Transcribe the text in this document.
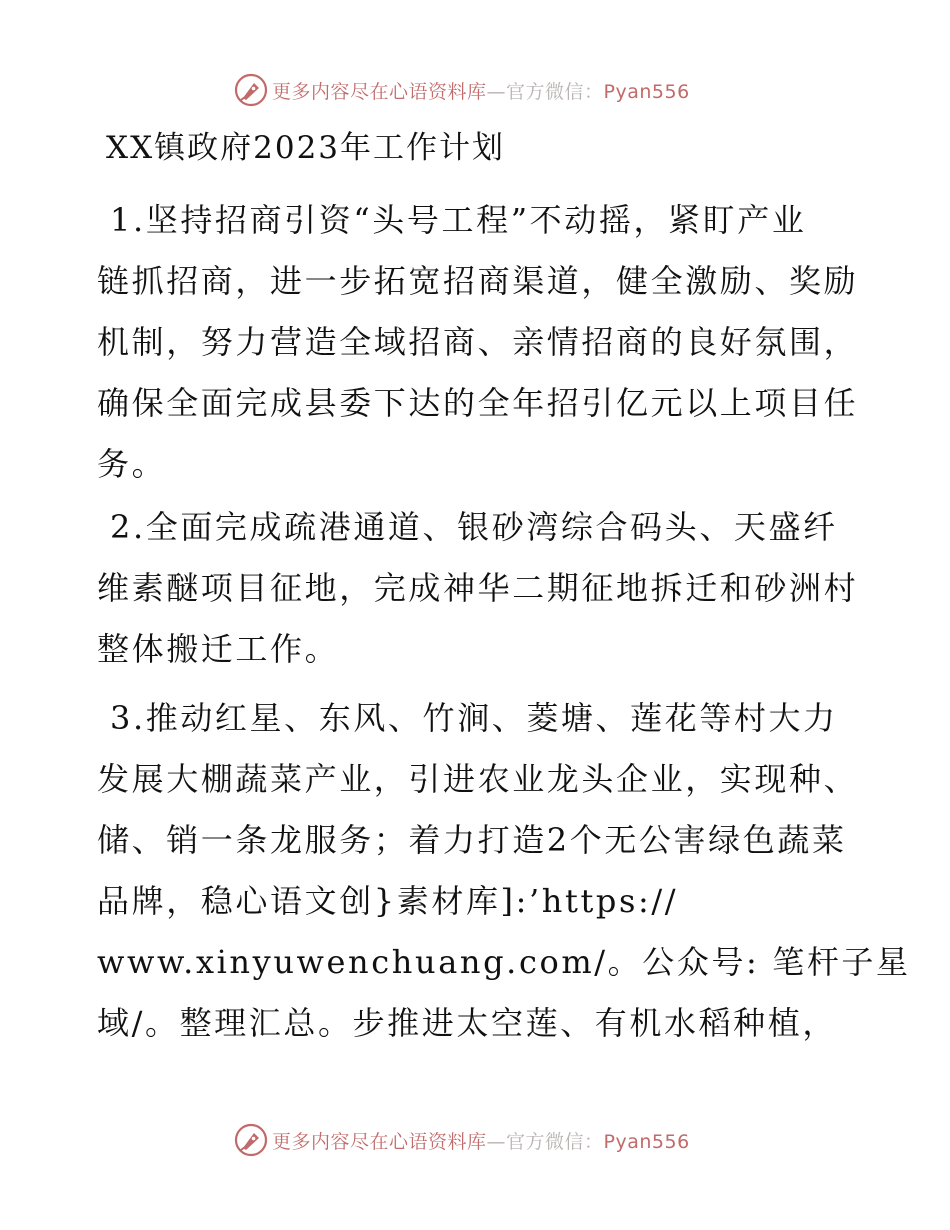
更多内容尽在心语资料库—官方微信：Pyan556
XX镇政府2023年工作计划
1.坚持招商引资“头号工程”不动摇，紧盯产业
链抓招商，进一步拓宽招商渠道，健全激励、奖励
机制，努力营造全域招商、亲情招商的良好氛围，
确保全面完成县委下达的全年招引亿元以上项目任
务。
2.全面完成疏港通道、银砂湾综合码头、天盛纤
维素醚项目征地，完成神华二期征地拆迁和砂洲村
整体搬迁工作。
3.推动红星、东风、竹涧、菱塘、莲花等村大力
发展大棚蔬菜产业，引进农业龙头企业，实现种、
储、销一条龙服务；着力打造2个无公害绿色蔬菜
品牌，稳心语文创}素材库]:’https://
www.xinyuwenchuang.com/。公众号: 笔杆子星
域/。整理汇总。步推进太空莲、有机水稻种植，
更多内容尽在心语资料库—官方微信：Pyan556
